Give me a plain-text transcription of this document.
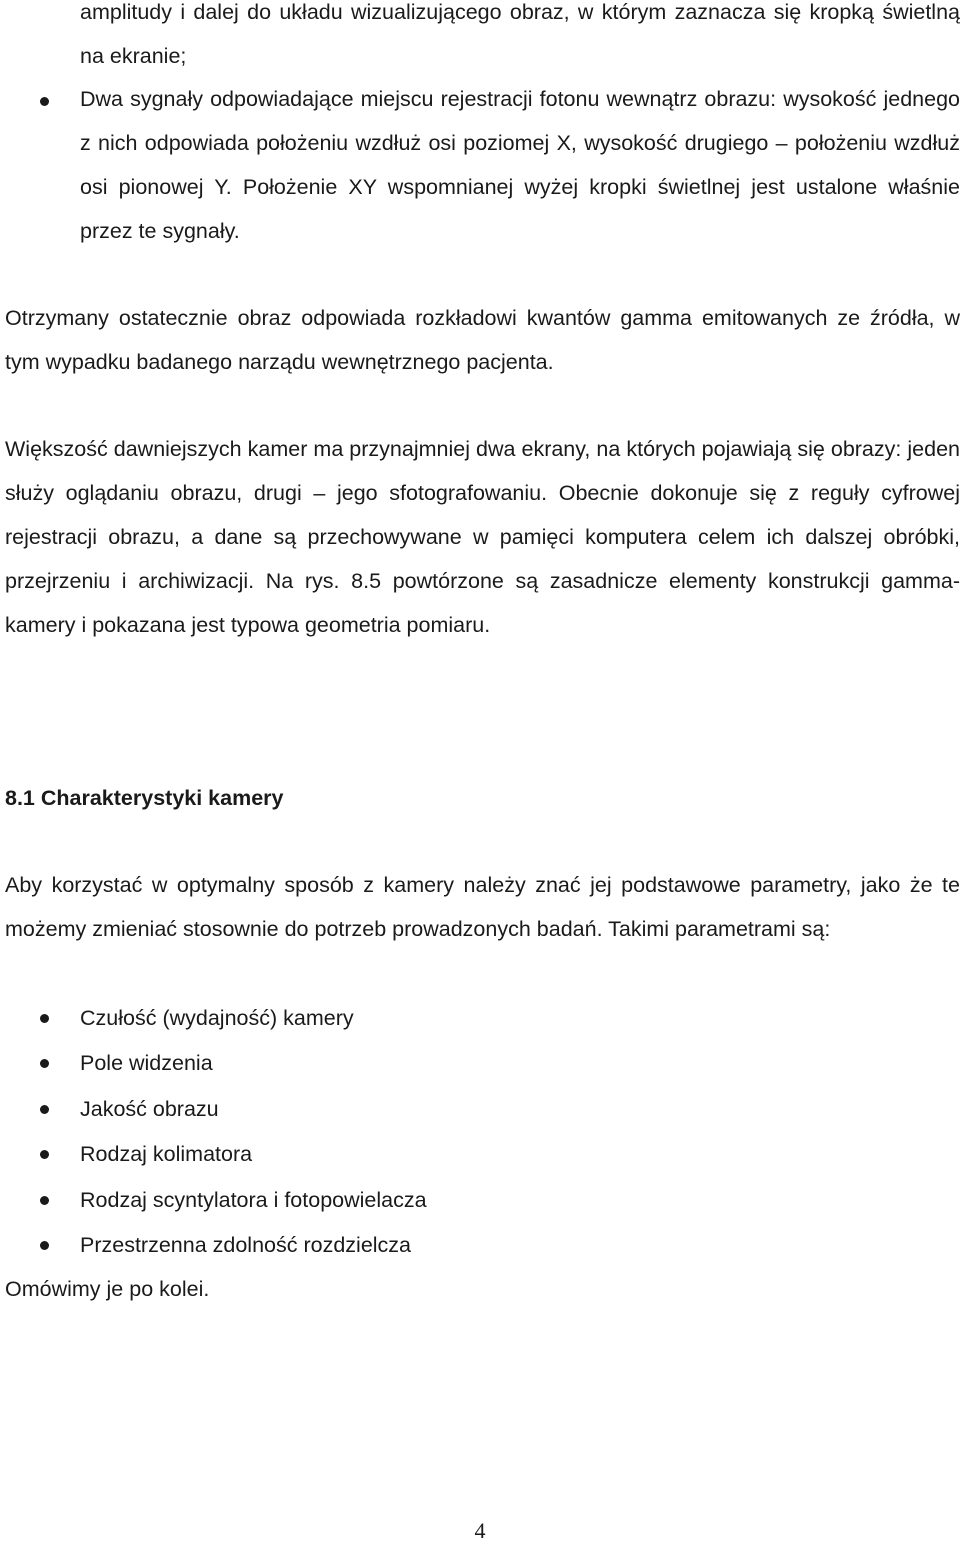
amplitudy i dalej do układu wizualizującego obraz, w którym zaznacza się kropką świetlną na ekranie;
Dwa sygnały odpowiadające miejscu rejestracji fotonu wewnątrz obrazu: wysokość jednego z nich odpowiada położeniu wzdłuż osi poziomej X, wysokość drugiego – położeniu wzdłuż osi pionowej Y. Położenie XY wspomnianej wyżej kropki świetlnej jest ustalone właśnie przez te sygnały.
Otrzymany ostatecznie obraz odpowiada rozkładowi kwantów gamma emitowanych ze źródła, w tym wypadku badanego narządu wewnętrznego pacjenta.
Większość dawniejszych kamer ma przynajmniej dwa ekrany, na których pojawiają się obrazy: jeden służy oglądaniu obrazu, drugi – jego sfotografowaniu. Obecnie dokonuje się z reguły cyfrowej rejestracji obrazu, a dane są przechowywane w pamięci komputera celem ich dalszej obróbki, przejrzeniu i archiwizacji. Na rys. 8.5 powtórzone są zasadnicze elementy konstrukcji gamma-kamery i pokazana jest typowa geometria pomiaru.
8.1 Charakterystyki kamery
Aby korzystać w optymalny sposób z kamery należy znać jej podstawowe parametry, jako że te możemy zmieniać stosownie do potrzeb prowadzonych badań. Takimi parametrami są:
Czułość (wydajność) kamery
Pole widzenia
Jakość obrazu
Rodzaj kolimatora
Rodzaj scyntylatora i fotopowielacza
Przestrzenna zdolność rozdzielcza
Omówimy je po kolei.
4
